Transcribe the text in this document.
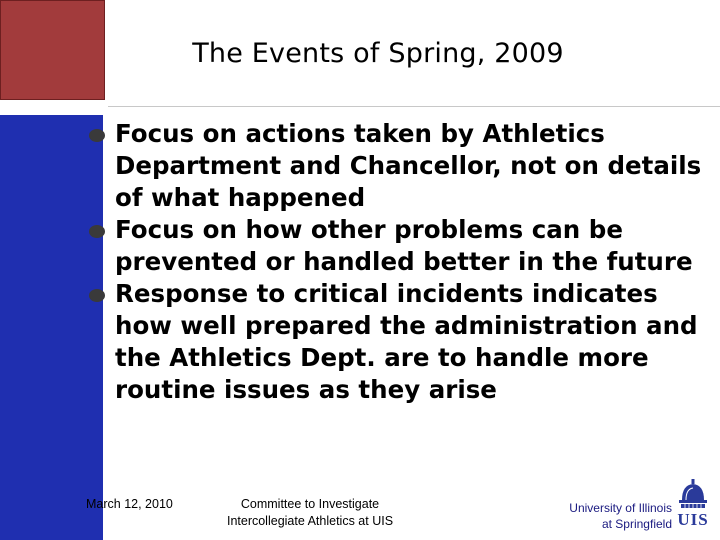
The Events of Spring, 2009
Focus on actions taken by Athletics Department and Chancellor, not on details of what happened
Focus on how other problems can be prevented or handled better in the future
Response to critical incidents indicates how well prepared the administration and the Athletics Dept. are to handle more routine issues as they arise
March 12, 2010	Committee to Investigate
Intercollegiate Athletics at UIS
University of Illinois
at Springfield UIS
